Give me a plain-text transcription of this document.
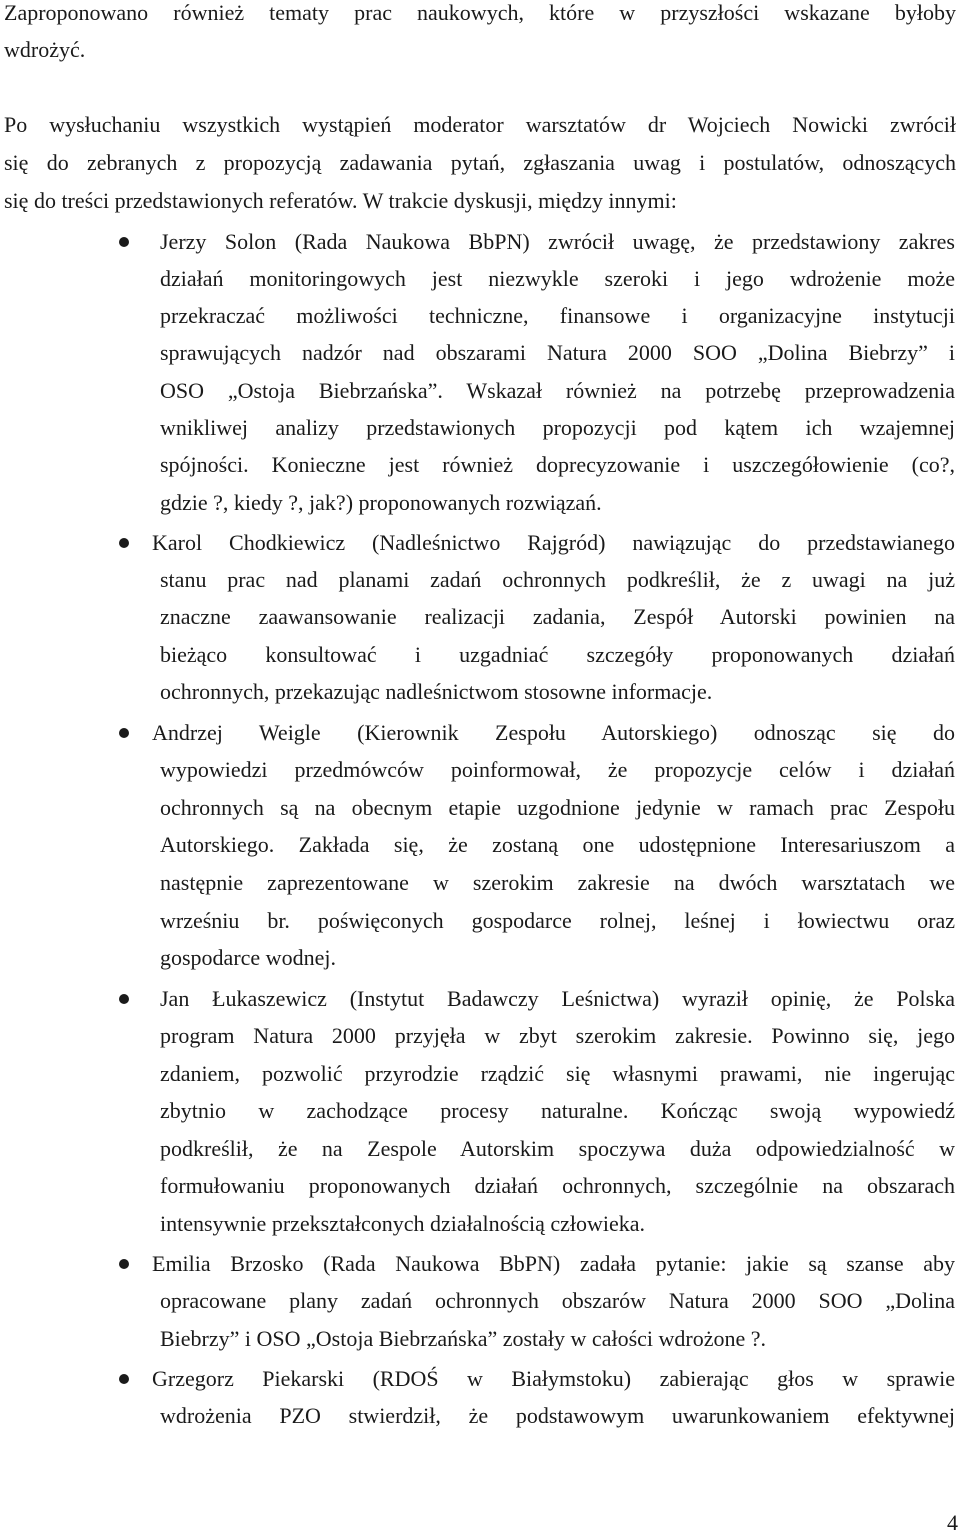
Zaproponowano również tematy prac naukowych, które w przyszłości wskazane byłoby
wdrożyć.
Po wysłuchaniu wszystkich wystąpień moderator warsztatów dr Wojciech Nowicki zwrócił
się do zebranych z propozycją zadawania pytań, zgłaszania uwag i postulatów, odnoszących
się do treści przedstawionych referatów. W trakcie dyskusji, między innymi:
Jerzy Solon (Rada Naukowa BbPN) zwrócił uwagę, że przedstawiony zakres
działań monitoringowych jest niezwykle szeroki i jego wdrożenie może
przekraczać możliwości techniczne, finansowe i organizacyjne instytucji
sprawujących nadzór nad obszarami Natura 2000 SOO „Dolina Biebrzy” i
OSO „Ostoja Biebrzańska”. Wskazał również na potrzebę przeprowadzenia
wnikliwej analizy przedstawionych propozycji pod kątem ich wzajemnej
spójności. Konieczne jest również doprecyzowanie i uszczegółowienie (co?,
gdzie ?, kiedy ?, jak?) proponowanych rozwiązań.
Karol Chodkiewicz (Nadleśnictwo Rajgród) nawiązując do przedstawianego
stanu prac nad planami zadań ochronnych podkreślił, że z uwagi na już
znaczne zaawansowanie realizacji zadania, Zespół Autorski powinien na
bieżąco konsultować i uzgadniać szczegóły proponowanych działań
ochronnych, przekazując nadleśnictwom stosowne informacje.
Andrzej Weigle (Kierownik Zespołu Autorskiego) odnosząc się do
wypowiedzi przedmówców poinformował, że propozycje celów i działań
ochronnych są na obecnym etapie uzgodnione jedynie w ramach prac Zespołu
Autorskiego. Zakłada się, że zostaną one udostępnione Interesariuszom a
następnie zaprezentowane w szerokim zakresie na dwóch warsztatach we
wrześniu br. poświęconych gospodarce rolnej, leśnej i łowiectwu oraz
gospodarce wodnej.
Jan Łukaszewicz (Instytut Badawczy Leśnictwa) wyraził opinię, że Polska
program Natura 2000 przyjęła w zbyt szerokim zakresie. Powinno się, jego
zdaniem, pozwolić przyrodzie rządzić się własnymi prawami, nie ingerując
zbytnio w zachodzące procesy naturalne. Kończąc swoją wypowiedź
podkreślił, że na Zespole Autorskim spoczywa duża odpowiedzialność w
formułowaniu proponowanych działań ochronnych, szczególnie na obszarach
intensywnie przekształconych działalnością człowieka.
Emilia Brzosko (Rada Naukowa BbPN) zadała pytanie: jakie są szanse aby
opracowane plany zadań ochronnych obszarów Natura 2000 SOO „Dolina
Biebrzy” i OSO „Ostoja Biebrzańska” zostały w całości wdrożone ?.
Grzegorz Piekarski (RDOŚ w Białymstoku) zabierając głos w sprawie
wdrożenia PZO stwierdził, że podstawowym uwarunkowaniem efektywnej
4
